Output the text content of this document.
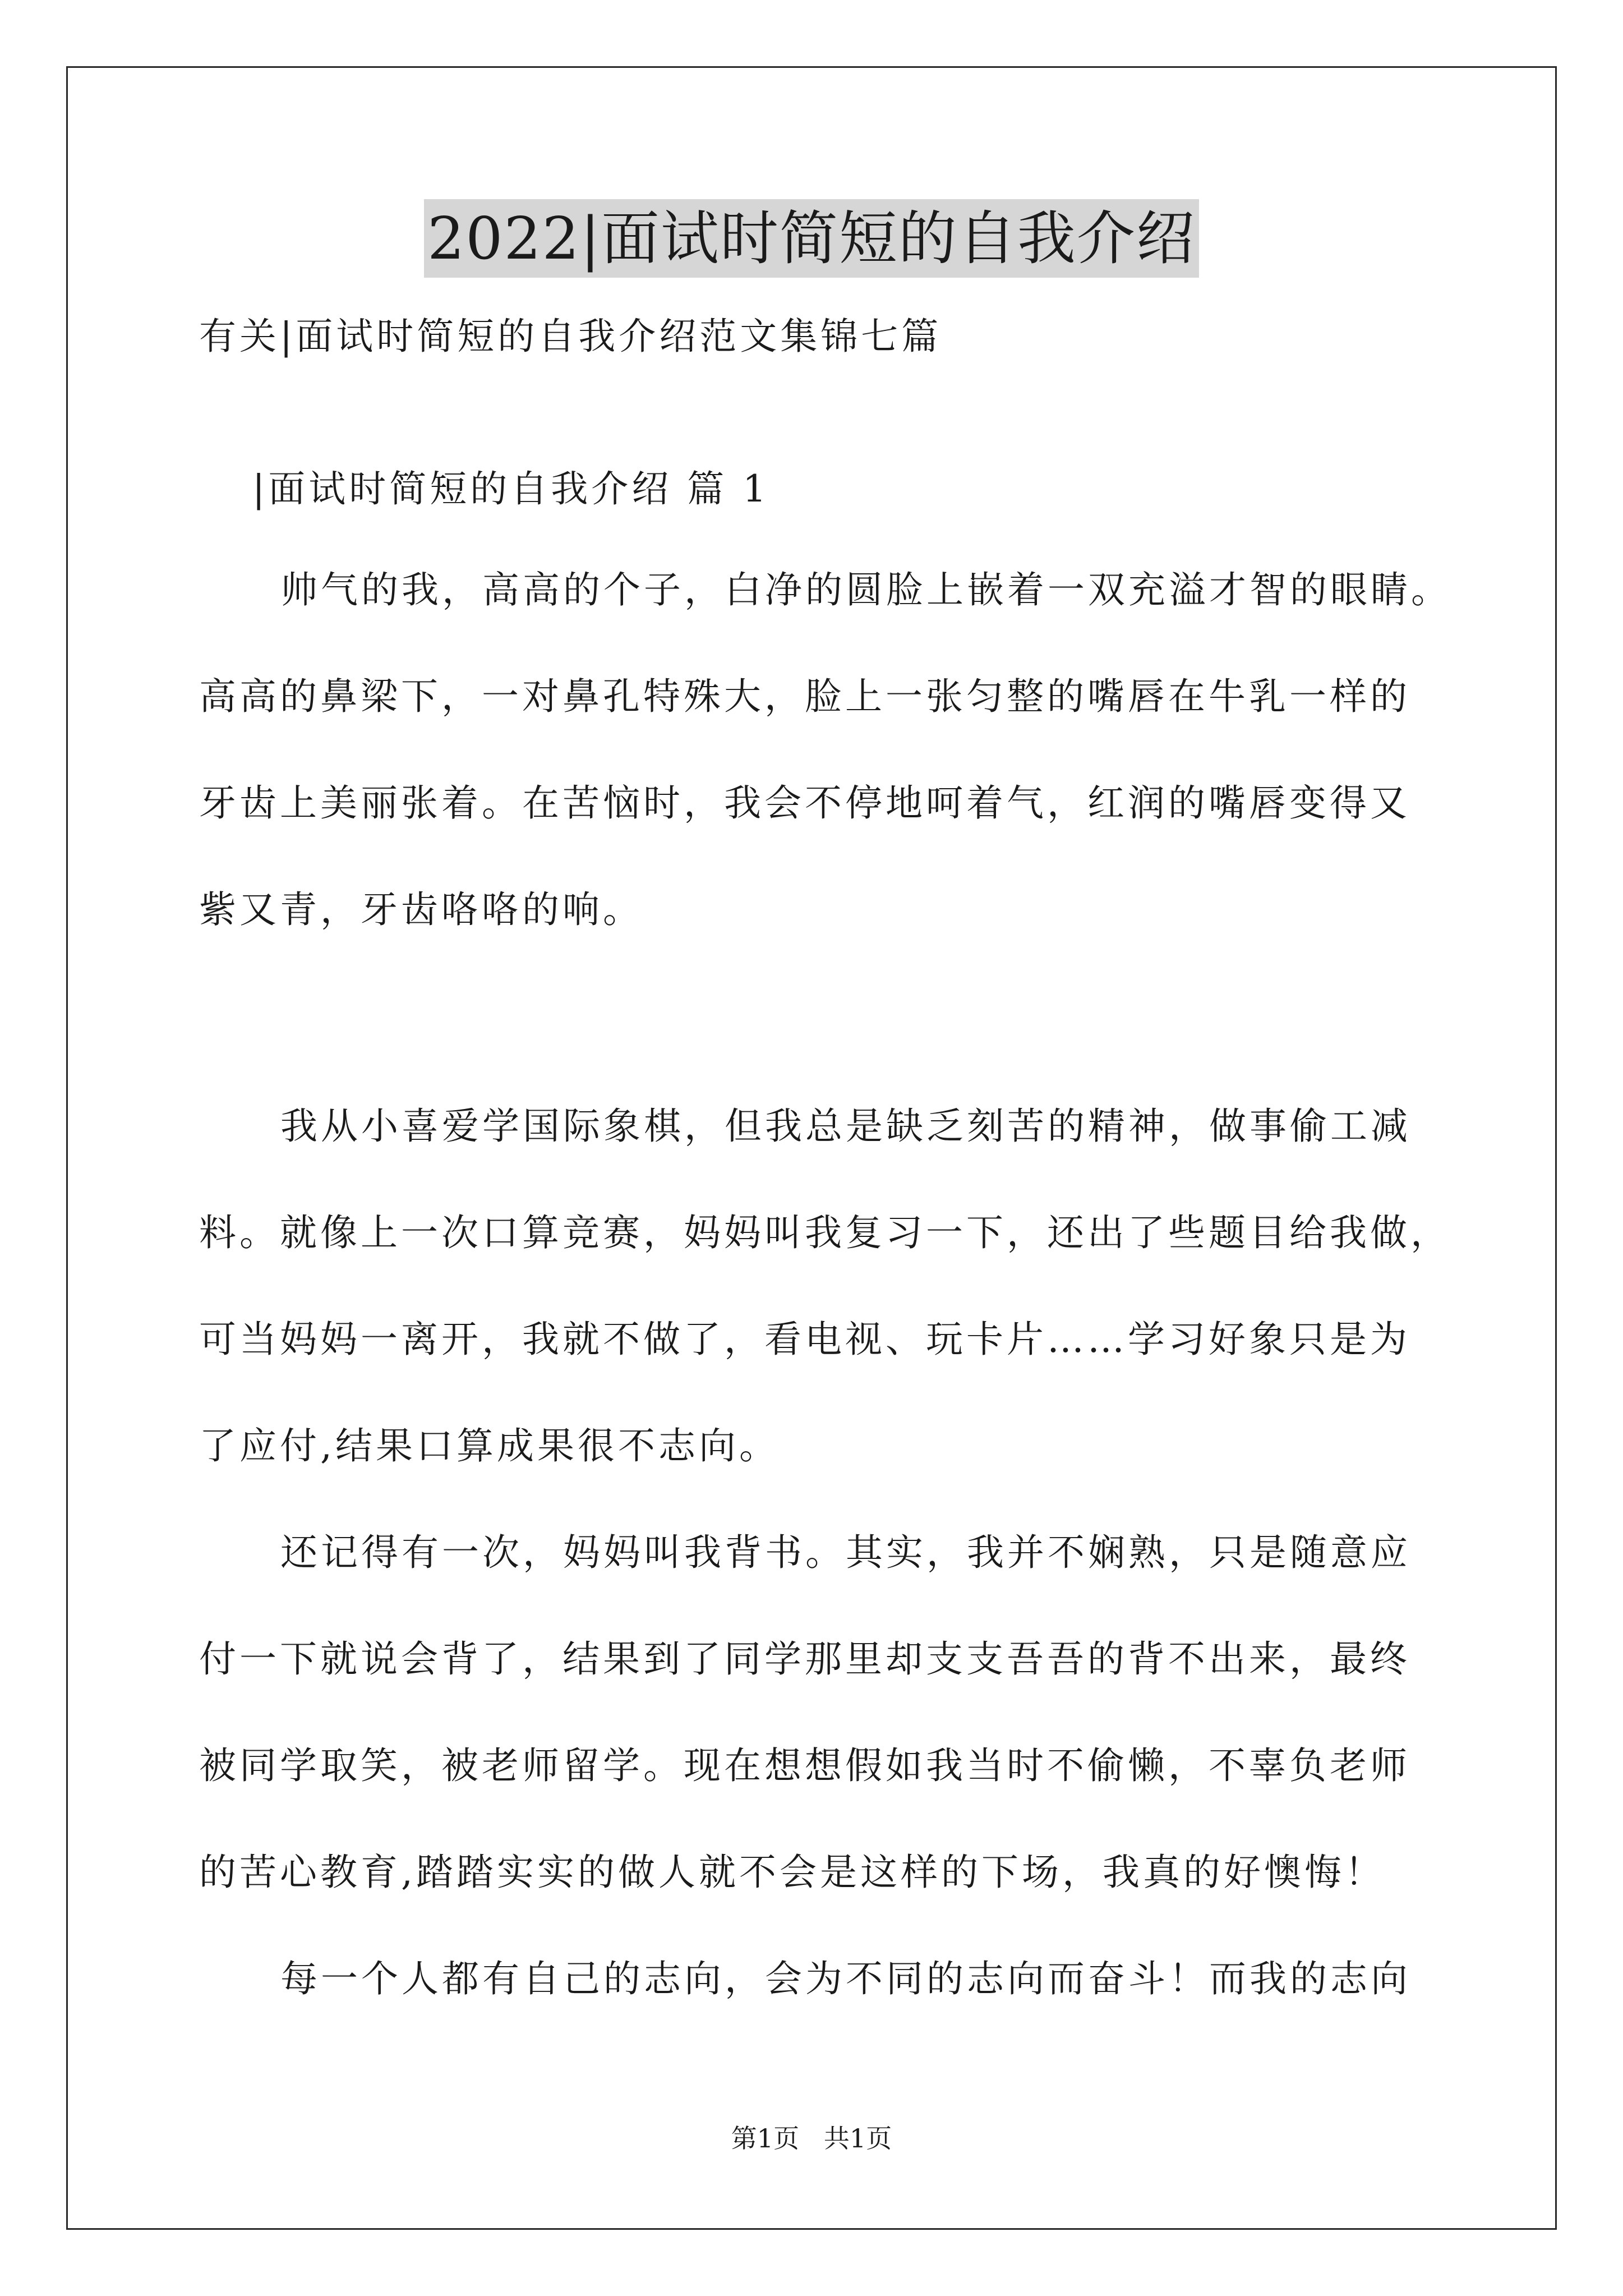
2022|面试时简短的自我介绍
有关|面试时简短的自我介绍范文集锦七篇
|面试时简短的自我介绍 篇 1
帅气的我，高高的个子，白净的圆脸上嵌着一双充溢才智的眼睛。
高高的鼻梁下，一对鼻孔特殊大，脸上一张匀整的嘴唇在牛乳一样的
牙齿上美丽张着。在苦恼时，我会不停地呵着气，红润的嘴唇变得又
紫又青，牙齿咯咯的响。
我从小喜爱学国际象棋，但我总是缺乏刻苦的精神，做事偷工减
料。就像上一次口算竞赛，妈妈叫我复习一下，还出了些题目给我做，
可当妈妈一离开，我就不做了，看电视、玩卡片……学习好象只是为
了应付,结果口算成果很不志向。
还记得有一次，妈妈叫我背书。其实，我并不娴熟，只是随意应
付一下就说会背了，结果到了同学那里却支支吾吾的背不出来，最终
被同学取笑，被老师留学。现在想想假如我当时不偷懒，不辜负老师
的苦心教育,踏踏实实的做人就不会是这样的下场，我真的好懊悔！
每一个人都有自己的志向，会为不同的志向而奋斗！而我的志向
第1页   共1页
